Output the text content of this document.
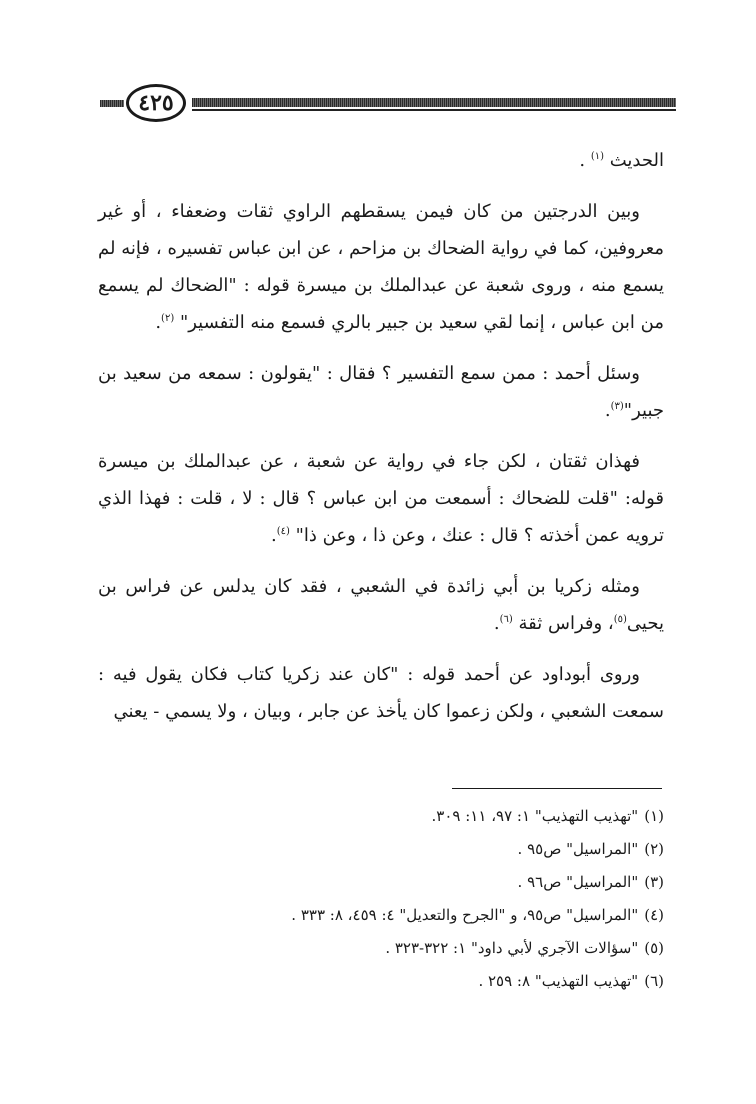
٤٢٥

الحديث $^{(١)}$ .

وبين الدرجتين من كان فيمن يسقطهم الراوي ثقات وضعفاء ، أو غير معروفين، كما في رواية الضحاك بن مزاحم ، عن ابن عباس تفسيره ، فإنه لم يسمع منه ، وروى شعبة عن عبدالملك بن ميسرة قوله : "الضحاك لم يسمع من ابن عباس ، إنما لقي سعيد بن جبير بالري فسمع منه التفسير" $^{(٢)}$.

وسئل أحمد : ممن سمع التفسير ؟ فقال : "يقولون : سمعه من سعيد بن جبير"$^{(٣)}$.

فهذان ثقتان ، لكن جاء في رواية عن شعبة ، عن عبدالملك بن ميسرة قوله: "قلت للضحاك : أسمعت من ابن عباس ؟ قال : لا ، قلت : فهذا الذي ترويه عمن أخذته ؟ قال : عنك ، وعن ذا ، وعن ذا" $^{(٤)}$.

ومثله زكريا بن أبي زائدة في الشعبي ، فقد كان يدلس عن فراس بن يحيى$^{(٥)}$، وفراس ثقة $^{(٦)}$.

وروى أبوداود عن أحمد قوله : "كان عند زكريا كتاب فكان يقول فيه : سمعت الشعبي ، ولكن زعموا كان يأخذ عن جابر ، وبيان ، ولا يسمي - يعني

(١)"تهذيب التهذيب" ١: ٩٧، ١١: ٣٠٩.
(٢)"المراسيل" ص٩٥ .
(٣)"المراسيل" ص٩٦ .
(٤)"المراسيل" ص٩٥، و "الجرح والتعديل" ٤: ٤٥٩، ٨: ٣٣٣ .
(٥)"سؤالات الآجري لأبي داود" ١: ٣٢٢-٣٢٣ .
(٦)"تهذيب التهذيب" ٨: ٢٥٩ .
